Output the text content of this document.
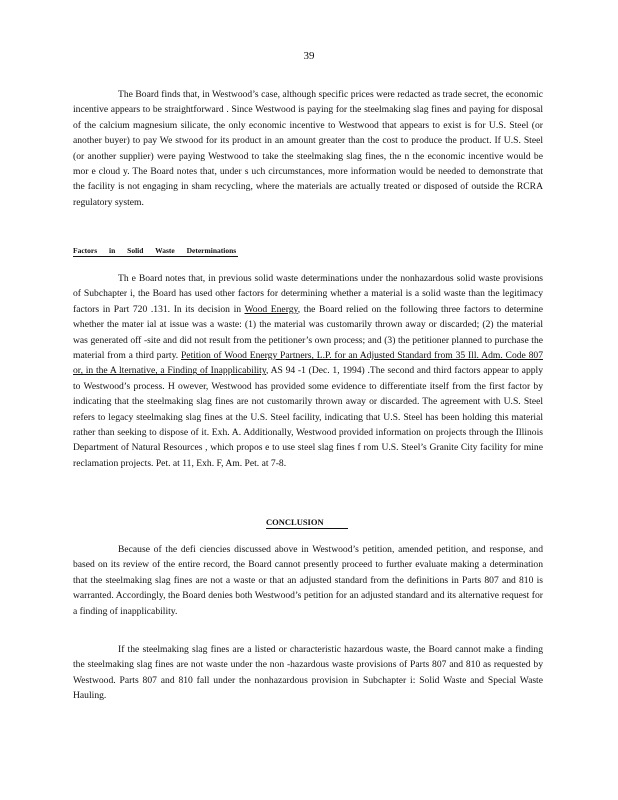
39

The Board finds that, in Westwood’s case, although specific prices were redacted as trade secret, the economic incentive appears to be straightforward . Since Westwood is paying for the steelmaking slag fines and paying for disposal of the calcium magnesium silicate, the only economic incentive to Westwood that appears to exist is for U.S. Steel (or another buyer) to pay We stwood for its product in an amount greater than the cost to produce the product. If U.S. Steel (or another supplier) were paying Westwood to take the steelmaking slag fines, the n the economic incentive would be mor e cloud y. The Board notes that, under s uch circumstances, more information would be needed to demonstrate that the facility is not engaging in sham recycling, where the materials are actually treated or disposed of outside the RCRA regulatory system.

Factors in Solid Waste Determinations

Th e Board notes that, in previous solid waste determinations under the nonhazardous solid waste provisions of Subchapter i, the Board has used other factors for determining whether a material is a solid waste than the legitimacy factors in Part 720 .131. In its decision in Wood Energy, the Board relied on the following three factors to determine whether the mater ial at issue was a waste: (1) the material was customarily thrown away or discarded; (2) the material was generated off -site and did not result from the petitioner’s own process; and (3) the petitioner planned to purchase the material from a third party. Petition of Wood Energy Partners, L.P. for an Adjusted Standard from 35 Ill. Adm. Code 807 or, in the A lternative, a Finding of Inapplicability, AS 94 -1 (Dec. 1, 1994) .The second and third factors appear to apply to Westwood’s process. H owever, Westwood has provided some evidence to differentiate itself from the first factor by indicating that the steelmaking slag fines are not customarily thrown away or discarded. The agreement with U.S. Steel refers to legacy steelmaking slag fines at the U.S. Steel facility, indicating that U.S. Steel has been holding this material rather than seeking to dispose of it. Exh. A. Additionally, Westwood provided information on projects through the Illinois Department of Natural Resources , which propos e to use steel slag fines f rom U.S. Steel’s Granite City facility for mine reclamation projects. Pet. at 11, Exh. F, Am. Pet. at 7-8.

CONCLUSION

Because of the defi ciencies discussed above in Westwood’s petition, amended petition, and response, and based on its review of the entire record, the Board cannot presently proceed to further evaluate making a determination that the steelmaking slag fines are not a waste or that an adjusted standard from the definitions in Parts 807 and 810 is warranted. Accordingly, the Board denies both Westwood’s petition for an adjusted standard and its alternative request for a finding of inapplicability.

If the steelmaking slag fines are a listed or characteristic hazardous waste, the Board cannot make a finding the steelmaking slag fines are not waste under the non -hazardous waste provisions of Parts 807 and 810 as requested by Westwood. Parts 807 and 810 fall under the nonhazardous provision in Subchapter i: Solid Waste and Special Waste Hauling.
